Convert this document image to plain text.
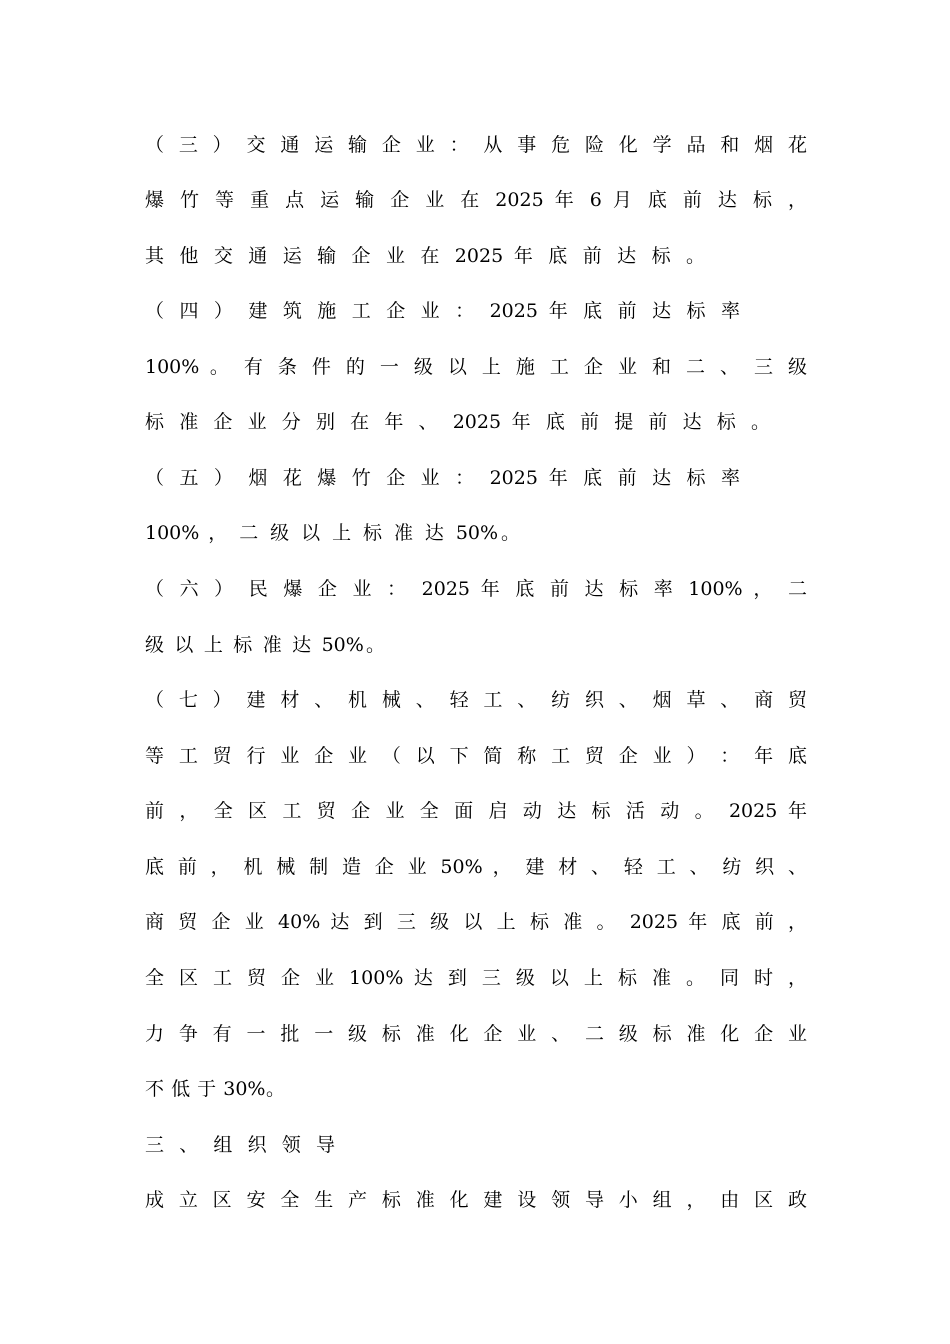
（ 三 ） 交 通 运 输 企 业 ： 从 事 危 险 化 学 品 和 烟 花
爆 竹 等 重 点 运 输 企 业 在 2025 年 6 月 底 前 达 标 ，
其 他 交 通 运 输 企 业 在 2025 年 底 前 达 标 。
（ 四 ） 建 筑 施 工 企 业 ： 2025 年 底 前 达 标 率
100% 。 有 条 件 的 一 级 以 上 施 工 企 业 和 二 、 三 级
标 准 企 业 分 别 在 年 、 2025 年 底 前 提 前 达 标 。
（ 五 ） 烟 花 爆 竹 企 业 ： 2025 年 底 前 达 标 率
100% ， 二 级 以 上 标 准 达 50%。
（ 六 ） 民 爆 企 业 ： 2025 年 底 前 达 标 率 100% ， 二
级 以 上 标 准 达 50%。
（ 七 ） 建 材 、 机 械 、 轻 工 、 纺 织 、 烟 草 、 商 贸
等 工 贸 行 业 企 业 （ 以 下 简 称 工 贸 企 业 ） ： 年 底
前 ， 全 区 工 贸 企 业 全 面 启 动 达 标 活 动 。 2025 年
底 前 ， 机 械 制 造 企 业 50% ， 建 材 、 轻 工 、 纺 织 、
商 贸 企 业 40% 达 到 三 级 以 上 标 准 。 2025 年 底 前 ，
全 区 工 贸 企 业 100% 达 到 三 级 以 上 标 准 。 同 时 ，
力 争 有 一 批 一 级 标 准 化 企 业 、 二 级 标 准 化 企 业
不 低 于 30%。
三 、 组 织 领 导
成 立 区 安 全 生 产 标 准 化 建 设 领 导 小 组 ， 由 区 政
